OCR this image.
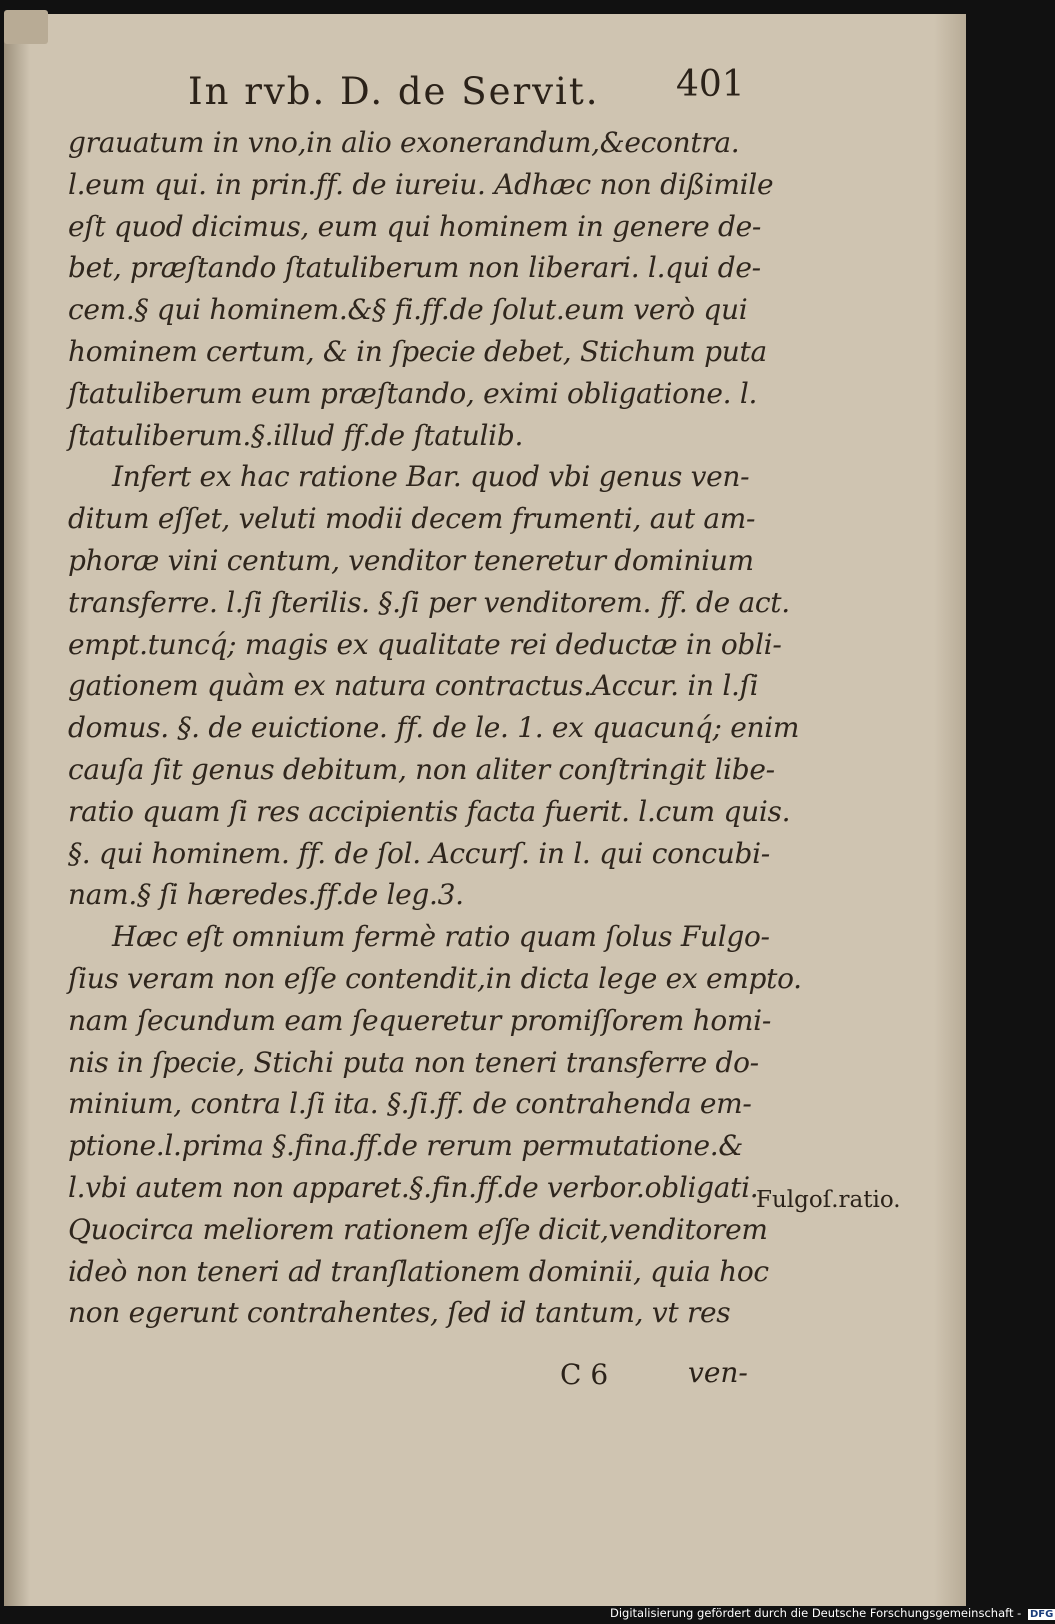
In rvb. D. de Servit. 401
grauatum in vno,in alio exonerandum,&econtra.
l.eum qui. in prin.ff. de iureiu. Adhæc non dißimile
eſt quod dicimus, eum qui hominem in genere de-
bet, præſtando ſtatuliberum non liberari. l.qui de-
cem.§ qui hominem.&§ fi.ff.de ſolut.eum verò qui
hominem certum, & in ſpecie debet, Stichum puta
ſtatuliberum eum præſtando, eximi obligatione. l.
ſtatuliberum.§.illud ff.de ſtatulib.
Infert ex hac ratione Bar. quod vbi genus ven-
ditum eſſet, veluti modii decem frumenti, aut am-
phoræ vini centum, venditor teneretur dominium
transferre. l.ſi ſterilis. §.ſi per venditorem. ff. de act.
empt.tuncq́; magis ex qualitate rei deductæ in obli-
gationem quàm ex natura contractus.Accur. in l.ſi
domus. §. de euictione. ff. de le. 1. ex quacunq́; enim
cauſa ſit genus debitum, non aliter conſtringit libe-
ratio quam ſi res accipientis facta fuerit. l.cum quis.
§. qui hominem. ff. de ſol. Accurſ. in l. qui concubi-
nam.§ ſi hæredes.ff.de leg.3.
Hæc eſt omnium fermè ratio quam ſolus Fulgo-
ſius veram non eſſe contendit,in dicta lege ex empto.
nam ſecundum eam ſequeretur promiſſorem homi-
nis in ſpecie, Stichi puta non teneri transferre do-
minium, contra l.ſi ita. §.ſi.ff. de contrahenda em-
ptione.l.prima §.fina.ff.de rerum permutatione.&
l.vbi autem non apparet.§.fin.ff.de verbor.obligati.
Quocirca meliorem rationem eſſe dicit,venditorem
ideò non teneri ad tranſlationem dominii, quia hoc
non egerunt contrahentes, ſed id tantum, vt res
Fulgoſ.ratio.
C 6	ven-
Digitalisierung gefördert durch die Deutsche Forschungsgemeinschaft - DFG
